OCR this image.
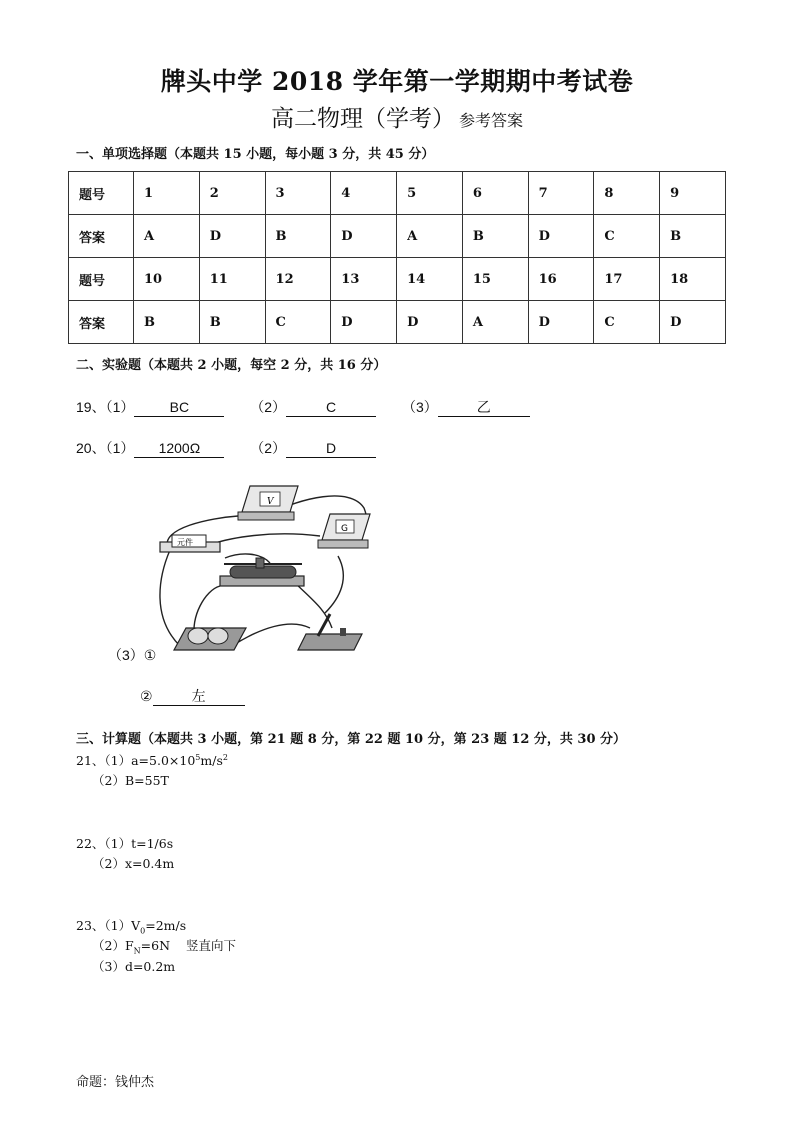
牌头中学 2018 学年第一学期期中考试卷
高二物理（学考） 参考答案
一、单项选择题（本题共 15 小题，每小题 3 分，共 45 分）
题号	1	2	3	4	5	6	7	8	9
答案	A	D	B	D	A	B	D	C	B
题号	10	11	12	13	14	15	16	17	18
答案	B	B	C	D	D	A	D	C	D
二、实验题（本题共 2 小题，每空 2 分，共 16 分）
19、（1）	BC	（2）	C	（3）	乙
20、（1） 1200Ω	（2）	D
V
G
元件
（3）①
②	左
三、计算题（本题共 3 小题，第 21 题 8 分，第 22 题 10 分，第 23 题 12 分，共 30 分）
21、$(1)a=5.0\times 10^5m/s^2$
（2）B=55T
22、（1）t=1/6s
（2）x=0.4m
23、$(1)V_0=2m/s$
$(2)F_N=6N$ 竖直向下
（3）d=0.2m
命题：钱仲杰
